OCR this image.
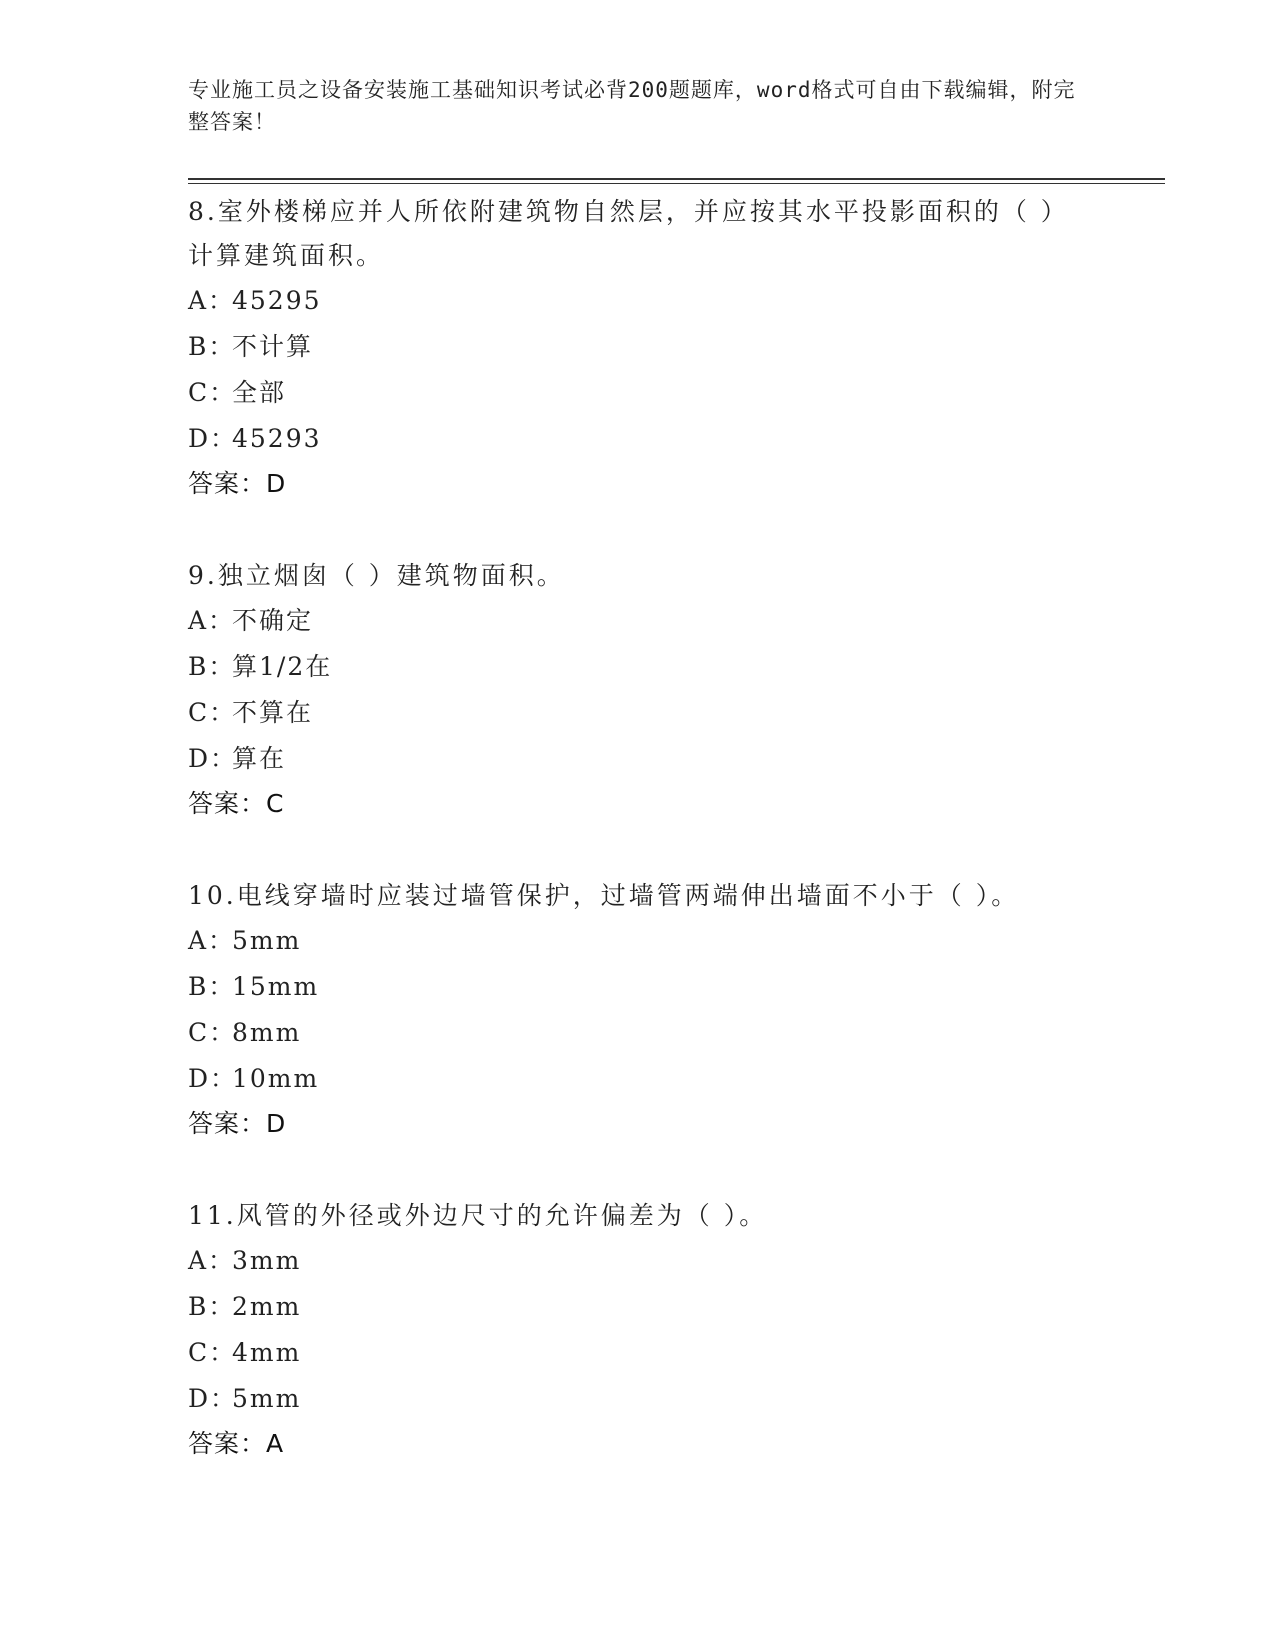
专业施工员之设备安装施工基础知识考试必背200题题库，word格式可自由下载编辑，附完整答案！

8.室外楼梯应并人所依附建筑物自然层，并应按其水平投影面积的（ ）计算建筑面积。

A：
45295

B：
不计算

C：
全部

D：
45293

答案：D

9.独立烟囱（ ）建筑物面积。

A：
不确定

B：
算1/2在

C：
不算在

D：
算在

答案：C

10.电线穿墙时应装过墙管保护，过墙管两端伸出墙面不小于（ ）。

A：
5mm

B：
15mm

C：
8mm

D：
10mm

答案：D

11.风管的外径或外边尺寸的允许偏差为（ ）。

A：
3mm

B：
2mm

C：
4mm

D：
5mm

答案：A
